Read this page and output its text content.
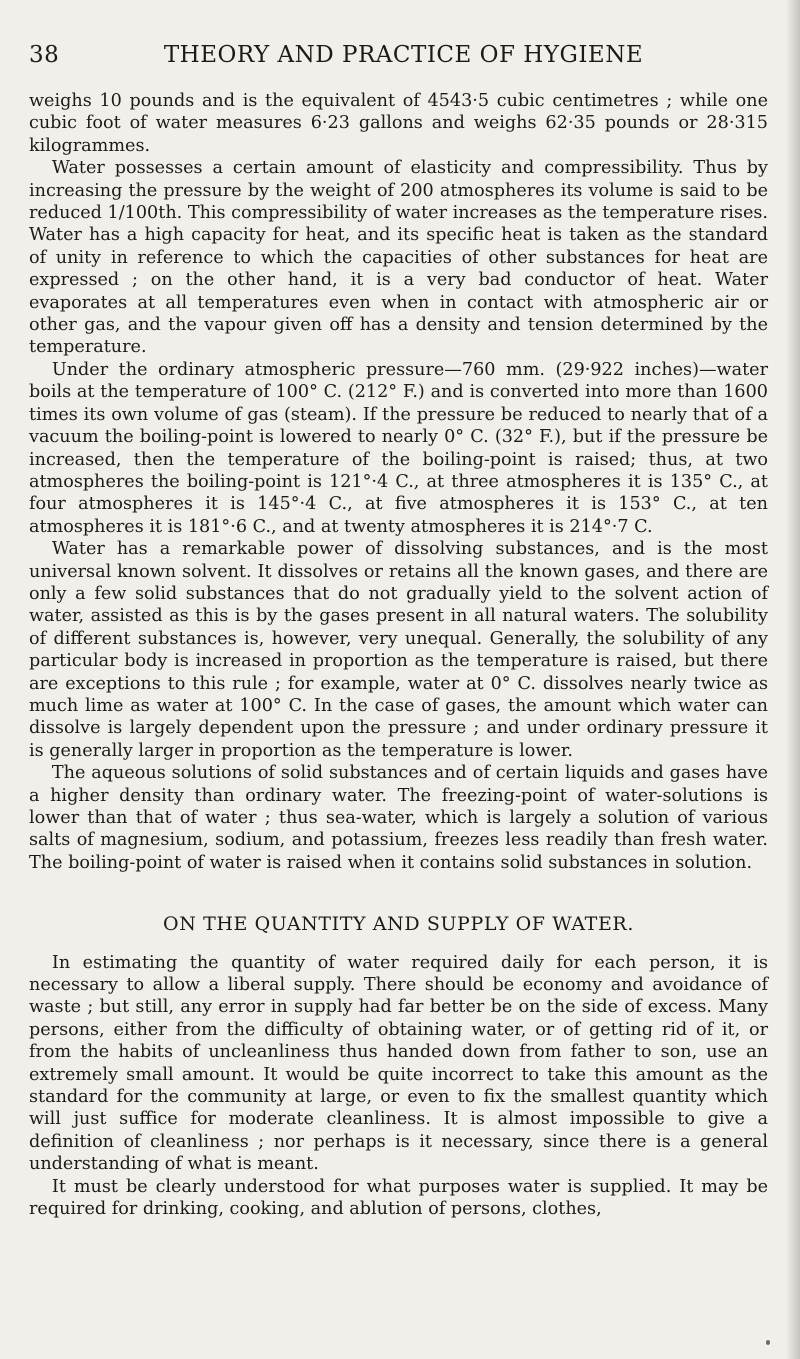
38	THEORY AND PRACTICE OF HYGIENE

weighs 10 pounds and is the equivalent of 4543·5 cubic centimetres ; while one cubic foot of water measures 6·23 gallons and weighs 62·35 pounds or 28·315 kilogrammes.

Water possesses a certain amount of elasticity and compressibility. Thus by increasing the pressure by the weight of 200 atmospheres its volume is said to be reduced 1/100th. This compressibility of water increases as the temperature rises. Water has a high capacity for heat, and its specific heat is taken as the standard of unity in reference to which the capacities of other substances for heat are expressed ; on the other hand, it is a very bad conductor of heat. Water evaporates at all temperatures even when in contact with atmospheric air or other gas, and the vapour given off has a density and tension determined by the temperature.

Under the ordinary atmospheric pressure—760 mm. (29·922 inches)—water boils at the temperature of 100° C. (212° F.) and is converted into more than 1600 times its own volume of gas (steam). If the pressure be reduced to nearly that of a vacuum the boiling-point is lowered to nearly 0° C. (32° F.), but if the pressure be increased, then the temperature of the boiling-point is raised; thus, at two atmospheres the boiling-point is 121°·4 C., at three atmospheres it is 135° C., at four atmospheres it is 145°·4 C., at five atmospheres it is 153° C., at ten atmospheres it is 181°·6 C., and at twenty atmospheres it is 214°·7 C.

Water has a remarkable power of dissolving substances, and is the most universal known solvent. It dissolves or retains all the known gases, and there are only a few solid substances that do not gradually yield to the solvent action of water, assisted as this is by the gases present in all natural waters. The solubility of different substances is, however, very unequal. Generally, the solubility of any particular body is increased in proportion as the temperature is raised, but there are exceptions to this rule ; for example, water at 0° C. dissolves nearly twice as much lime as water at 100° C. In the case of gases, the amount which water can dissolve is largely dependent upon the pressure ; and under ordinary pressure it is generally larger in proportion as the temperature is lower.

The aqueous solutions of solid substances and of certain liquids and gases have a higher density than ordinary water. The freezing-point of water-solutions is lower than that of water ; thus sea-water, which is largely a solution of various salts of magnesium, sodium, and potassium, freezes less readily than fresh water. The boiling-point of water is raised when it contains solid substances in solution.

ON THE QUANTITY AND SUPPLY OF WATER.

In estimating the quantity of water required daily for each person, it is necessary to allow a liberal supply. There should be economy and avoidance of waste ; but still, any error in supply had far better be on the side of excess. Many persons, either from the difficulty of obtaining water, or of getting rid of it, or from the habits of uncleanliness thus handed down from father to son, use an extremely small amount. It would be quite incorrect to take this amount as the standard for the community at large, or even to fix the smallest quantity which will just suffice for moderate cleanliness. It is almost impossible to give a definition of cleanliness ; nor perhaps is it necessary, since there is a general understanding of what is meant.

It must be clearly understood for what purposes water is supplied. It may be required for drinking, cooking, and ablution of persons, clothes,
